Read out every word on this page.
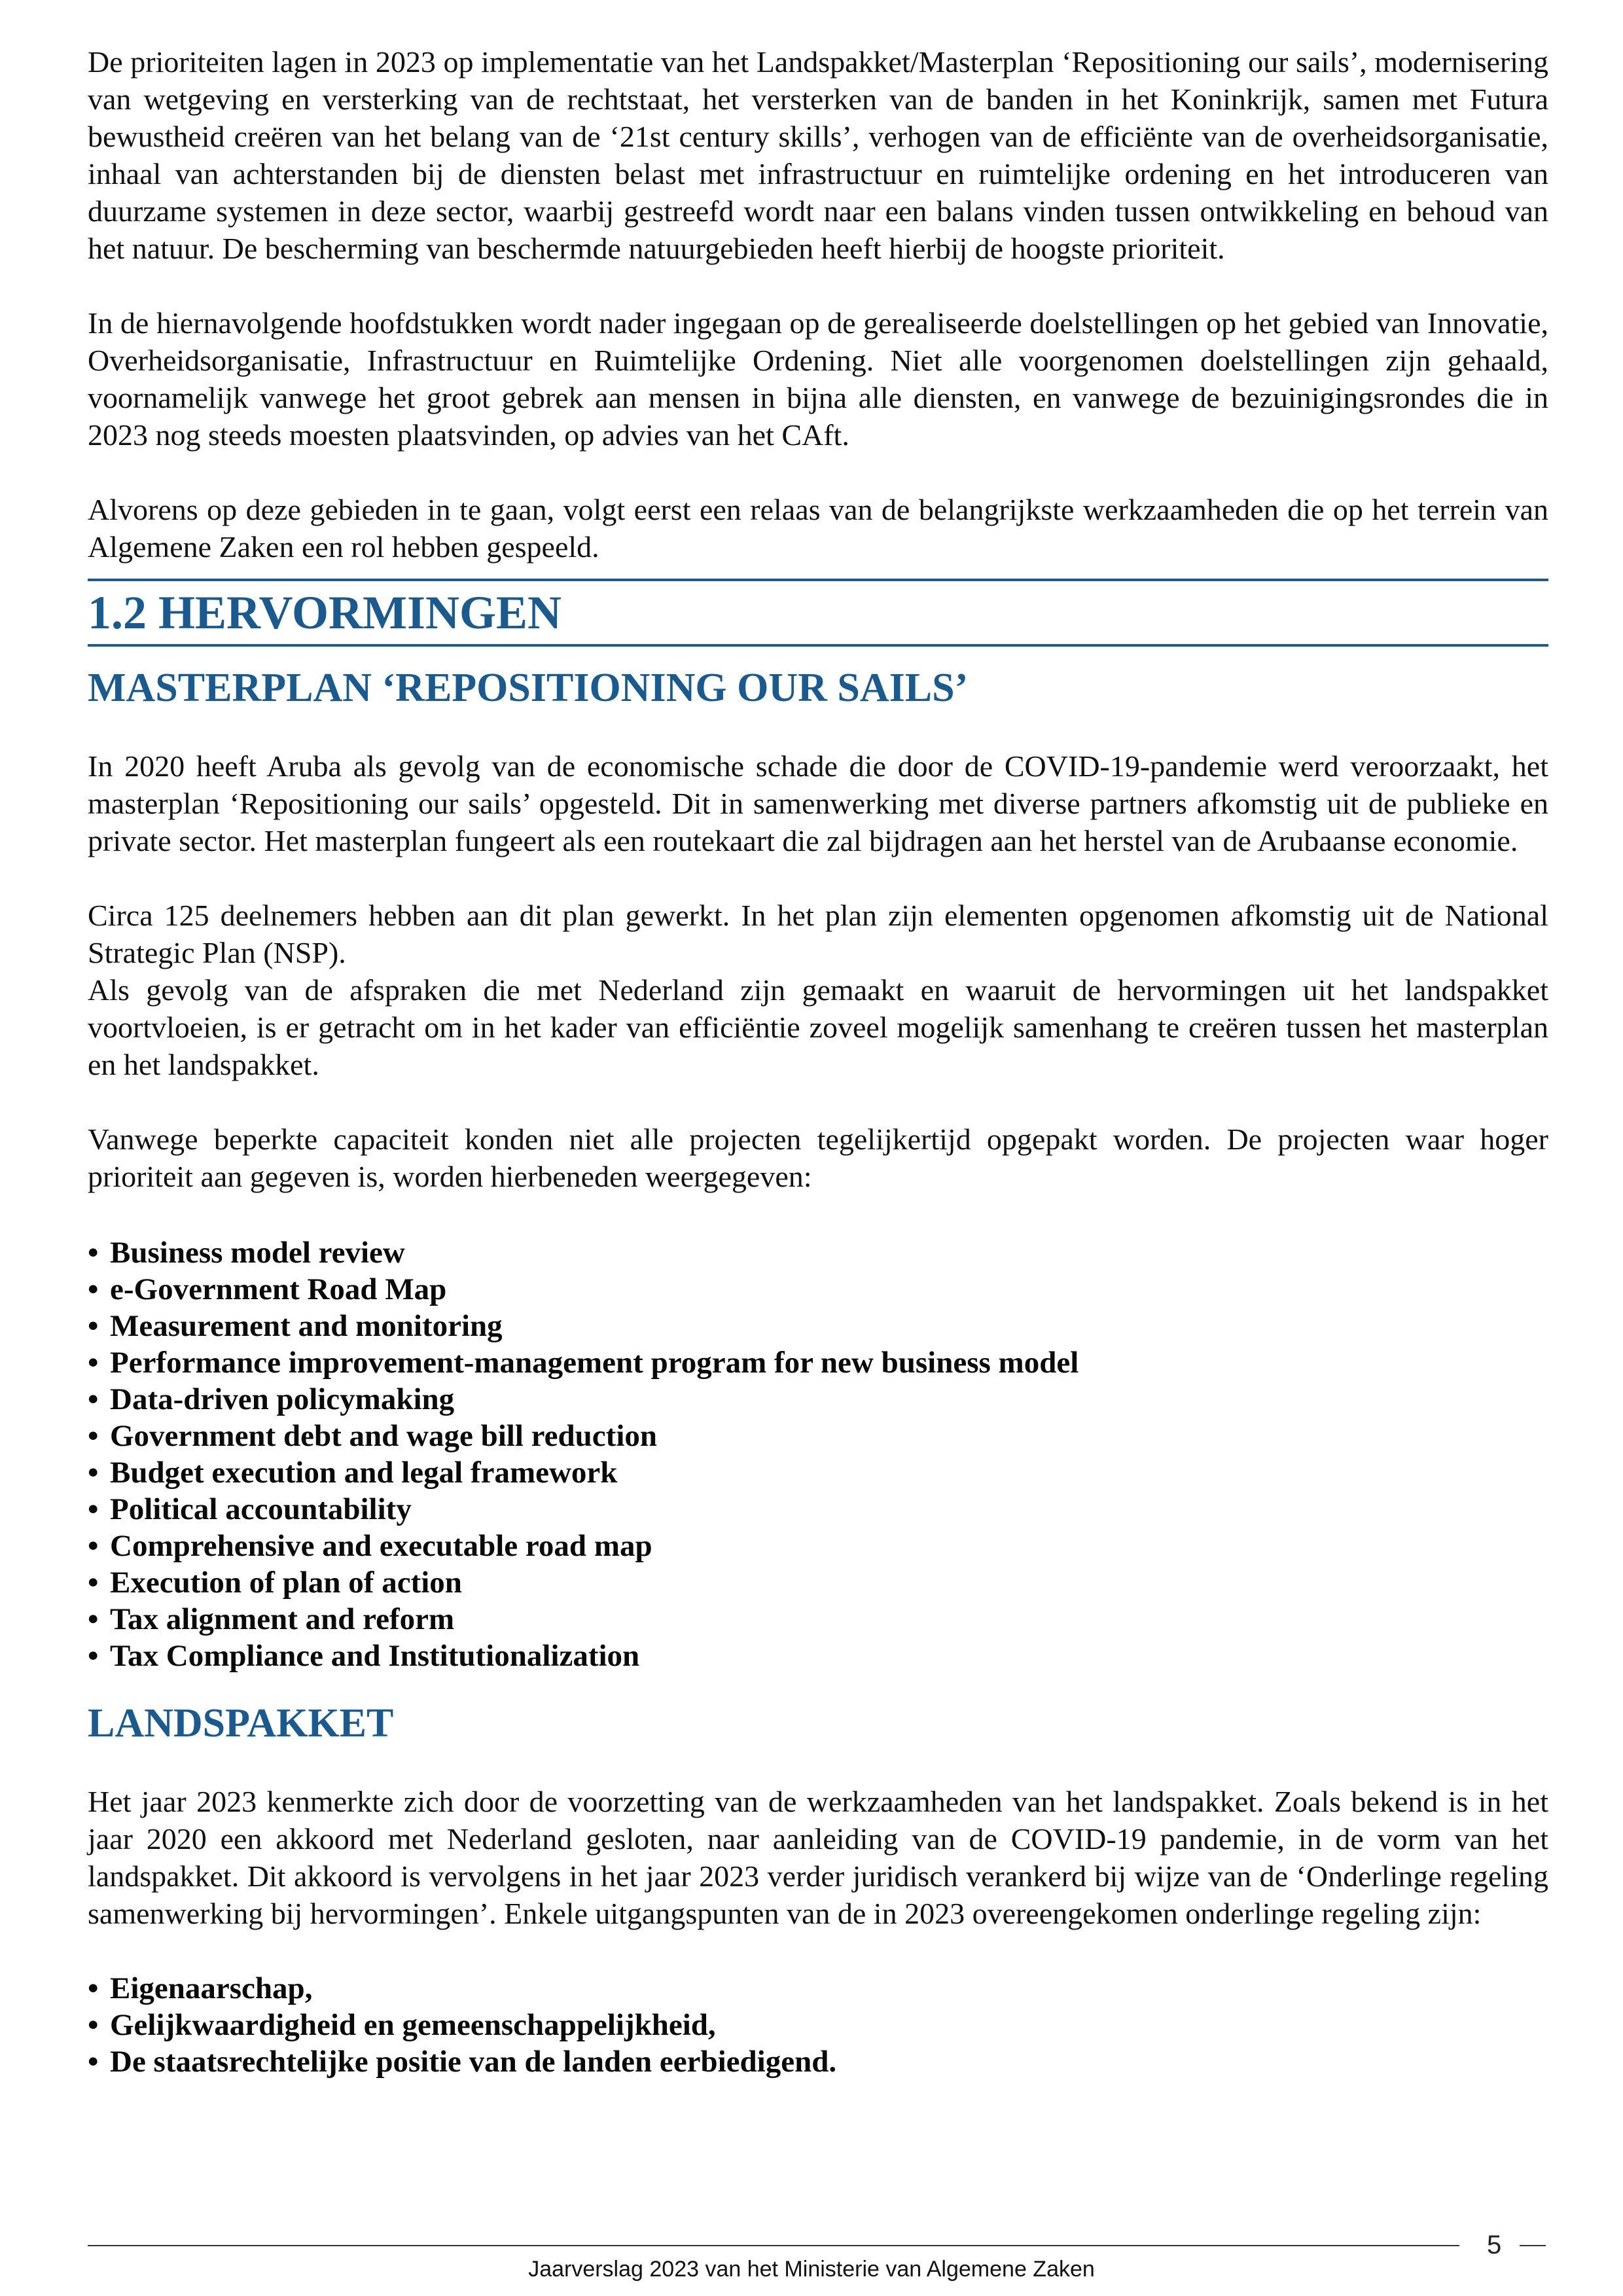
De prioriteiten lagen in 2023 op implementatie van het Landspakket/Masterplan ‘Repositioning our sails’, modernisering van wetgeving en versterking van de rechtstaat, het versterken van de banden in het Koninkrijk, samen met Futura bewustheid creëren van het belang van de ‘21st century skills’, verhogen van de efficiënte van de overheidsorganisatie, inhaal van achterstanden bij de diensten belast met infrastructuur en ruimtelijke ordening en het introduceren van duurzame systemen in deze sector, waarbij gestreefd wordt naar een balans vinden tussen ontwikkeling en behoud van het natuur. De bescherming van beschermde natuurgebieden heeft hierbij de hoogste prioriteit.

In de hiernavolgende hoofdstukken wordt nader ingegaan op de gerealiseerde doelstellingen op het gebied van Innovatie, Overheidsorganisatie, Infrastructuur en Ruimtelijke Ordening. Niet alle voorgenomen doelstellingen zijn gehaald, voornamelijk vanwege het groot gebrek aan mensen in bijna alle diensten, en vanwege de bezuinigingsrondes die in 2023 nog steeds moesten plaatsvinden, op advies van het CAft.

Alvorens op deze gebieden in te gaan, volgt eerst een relaas van de belangrijkste werkzaamheden die op het terrein van Algemene Zaken een rol hebben gespeeld.

1.2 HERVORMINGEN
MASTERPLAN ‘REPOSITIONING OUR SAILS’

In 2020 heeft Aruba als gevolg van de economische schade die door de COVID-19-pandemie werd veroorzaakt, het masterplan ‘Repositioning our sails’ opgesteld. Dit in samenwerking met diverse partners afkomstig uit de publieke en private sector. Het masterplan fungeert als een routekaart die zal bijdragen aan het herstel van de Arubaanse economie.

Circa 125 deelnemers hebben aan dit plan gewerkt. In het plan zijn elementen opgenomen afkomstig uit de National Strategic Plan (NSP).

Als gevolg van de afspraken die met Nederland zijn gemaakt en waaruit de hervormingen uit het landspakket voortvloeien, is er getracht om in het kader van efficiëntie zoveel mogelijk samenhang te creëren tussen het masterplan en het landspakket.

Vanwege beperkte capaciteit konden niet alle projecten tegelijkertijd opgepakt worden. De projecten waar hoger prioriteit aan gegeven is, worden hierbeneden weergegeven:

• Business model review
• e-Government Road Map
• Measurement and monitoring
• Performance improvement-management program for new business model
• Data-driven policymaking
• Government debt and wage bill reduction
• Budget execution and legal framework
• Political accountability
• Comprehensive and executable road map
• Execution of plan of action
• Tax alignment and reform
• Tax Compliance and Institutionalization
LANDSPAKKET

Het jaar 2023 kenmerkte zich door de voorzetting van de werkzaamheden van het landspakket. Zoals bekend is in het jaar 2020 een akkoord met Nederland gesloten, naar aanleiding van de COVID-19 pandemie, in de vorm van het landspakket. Dit akkoord is vervolgens in het jaar 2023 verder juridisch verankerd bij wijze van de ‘Onderlinge regeling samenwerking bij hervormingen’. Enkele uitgangspunten van de in 2023 overeengekomen onderlinge regeling zijn:

• Eigenaarschap,
• Gelijkwaardigheid en gemeenschappelijkheid,
• De staatsrechtelijke positie van de landen eerbiedigend.
5
Jaarverslag 2023 van het Ministerie van Algemene Zaken
